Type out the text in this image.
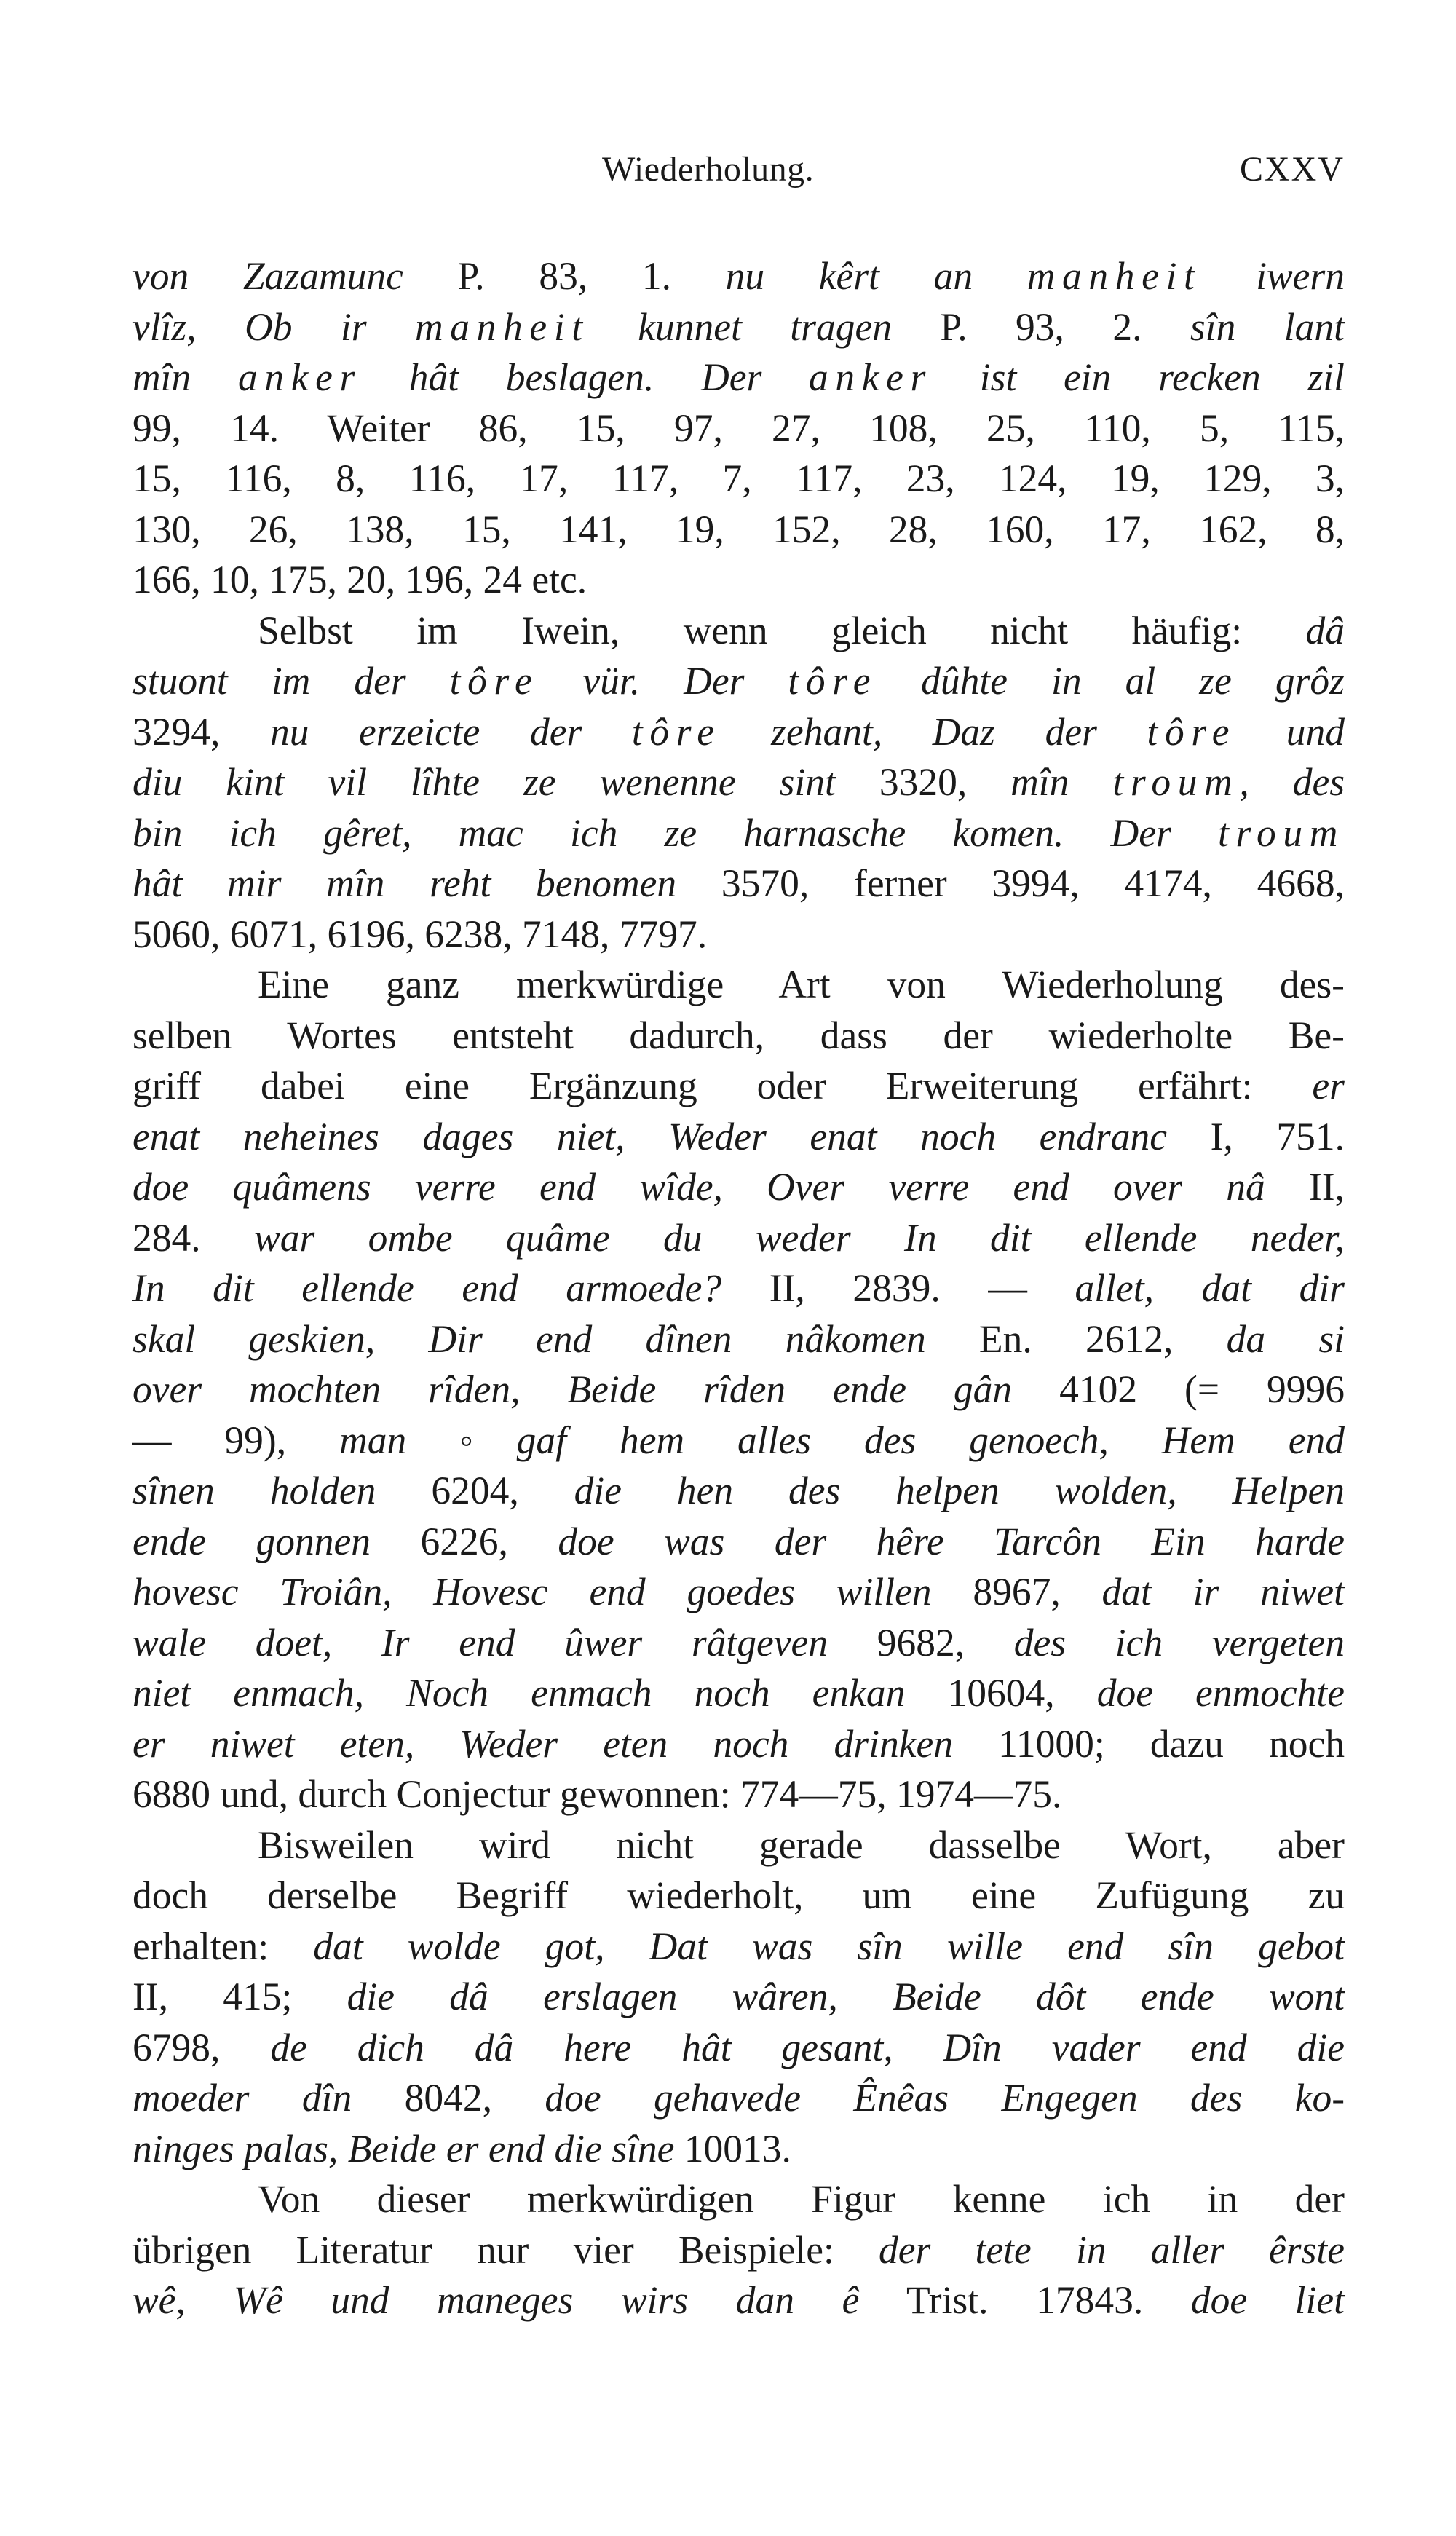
Wiederholung.	CXXV
von Zazamunc P. 83, 1. nu kêrt an manheit iwern
vlîz, Ob ir manheit kunnet tragen P. 93, 2. sîn lant
mîn anker hât beslagen. Der anker ist ein recken zil
99, 14. Weiter 86, 15, 97, 27, 108, 25, 110, 5, 115,
15, 116, 8, 116, 17, 117, 7, 117, 23, 124, 19, 129, 3,
130, 26, 138, 15, 141, 19, 152, 28, 160, 17, 162, 8,
166, 10, 175, 20, 196, 24 etc.
Selbst im Iwein, wenn gleich nicht häufig: dâ
stuont im der tôre vür. Der tôre dûhte in al ze grôz
3294, nu erzeicte der tôre zehant, Daz der tôre und
diu kint vil lîhte ze wenenne sint 3320, mîn troum, des
bin ich gêret, mac ich ze harnasche komen. Der troum
hât mir mîn reht benomen 3570, ferner 3994, 4174, 4668,
5060, 6071, 6196, 6238, 7148, 7797.
Eine ganz merkwürdige Art von Wiederholung des-
selben Wortes entsteht dadurch, dass der wiederholte Be-
griff dabei eine Ergänzung oder Erweiterung erfährt: er
enat neheines dages niet, Weder enat noch endranc I, 751.
doe quâmens verre end wîde, Over verre end over nâ II,
284. war ombe quâme du weder In dit ellende neder,
In dit ellende end armoede? II, 2839. — allet, dat dir
skal geskien, Dir end dînen nâkomen En. 2612, da si
over mochten rîden, Beide rîden ende gân 4102 (= 9996
— 99), man ◦gaf hem alles des genoech, Hem end
sînen holden 6204, die hen des helpen wolden, Helpen
ende gonnen 6226, doe was der hêre Tarcôn Ein harde
hovesc Troiân, Hovesc end goedes willen 8967, dat ir niwet
wale doet, Ir end ûwer râtgeven 9682, des ich vergeten
niet enmach, Noch enmach noch enkan 10604, doe enmochte
er niwet eten, Weder eten noch drinken 11000; dazu noch
6880 und, durch Conjectur gewonnen: 774—75, 1974—75.
Bisweilen wird nicht gerade dasselbe Wort, aber
doch derselbe Begriff wiederholt, um eine Zufügung zu
erhalten: dat wolde got, Dat was sîn wille end sîn gebot
II, 415; die dâ erslagen wâren, Beide dôt ende wont
6798, de dich dâ here hât gesant, Dîn vader end die
moeder dîn 8042, doe gehavede Ênêas Engegen des ko-
ninges palas, Beide er end die sîne 10013.
Von dieser merkwürdigen Figur kenne ich in der
übrigen Literatur nur vier Beispiele: der tete in aller êrste
wê, Wê und maneges wirs dan ê Trist. 17843. doe liet
